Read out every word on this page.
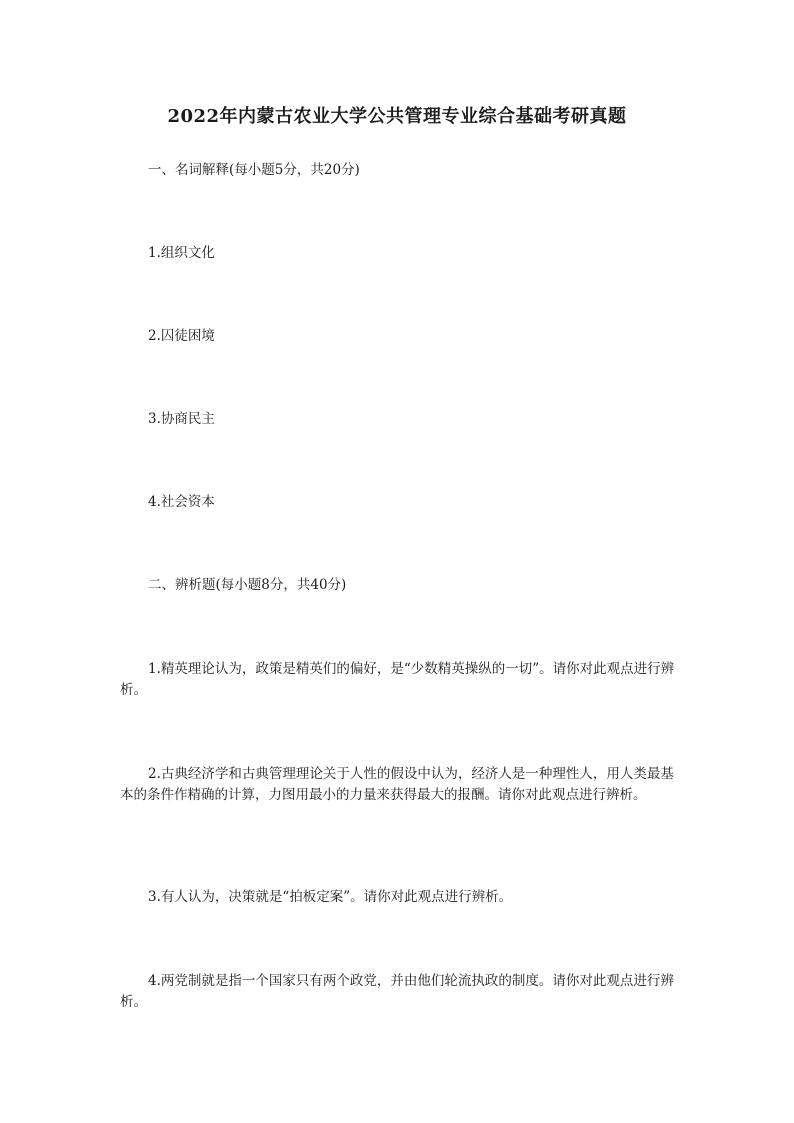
2022年内蒙古农业大学公共管理专业综合基础考研真题
一、名词解释(每小题5分，共20分)
1.组织文化
2.囚徒困境
3.协商民主
4.社会资本
二、辨析题(每小题8分，共40分)
1.精英理论认为，政策是精英们的偏好，是“少数精英操纵的一切”。请你对此观点进行辨析。
2.古典经济学和古典管理理论关于人性的假设中认为，经济人是一种理性人，用人类最基本的条件作精确的计算，力图用最小的力量来获得最大的报酬。请你对此观点进行辨析。
3.有人认为，决策就是“拍板定案”。请你对此观点进行辨析。
4.两党制就是指一个国家只有两个政党，并由他们轮流执政的制度。请你对此观点进行辨析。
